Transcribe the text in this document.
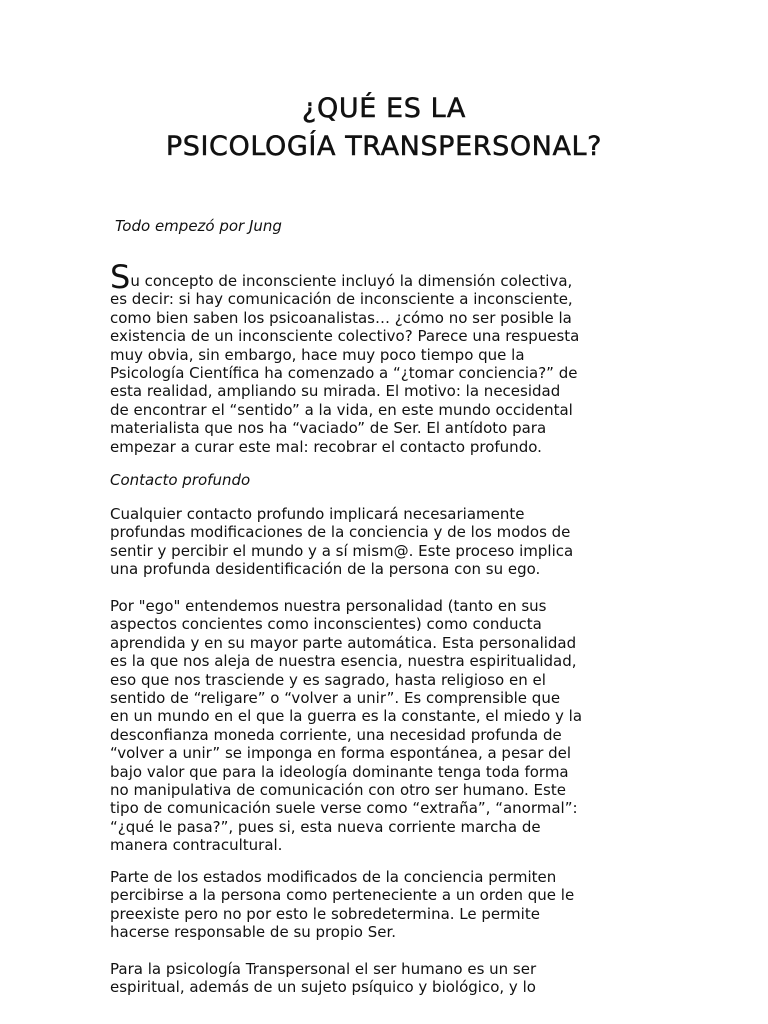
¿QUÉ ES LA
PSICOLOGÍA TRANSPERSONAL?

Todo empezó por Jung

Su concepto de inconsciente incluyó la dimensión colectiva,
es decir: si hay comunicación de inconsciente a inconsciente,
como bien saben los psicoanalistas… ¿cómo no ser posible la
existencia de un inconsciente colectivo? Parece una respuesta
muy obvia, sin embargo, hace muy poco tiempo que la
Psicología Científica ha comenzado a “¿tomar conciencia?” de
esta realidad, ampliando su mirada. El motivo: la necesidad
de encontrar el “sentido” a la vida, en este mundo occidental
materialista que nos ha “vaciado” de Ser. El antídoto para
empezar a curar este mal: recobrar el contacto profundo.

Contacto profundo

Cualquier contacto profundo implicará necesariamente
profundas modificaciones de la conciencia y de los modos de
sentir y percibir el mundo y a sí mism@. Este proceso implica
una profunda desidentificación de la persona con su ego.
Por "ego" entendemos nuestra personalidad (tanto en sus
aspectos concientes como inconscientes) como conducta
aprendida y en su mayor parte automática. Esta personalidad
es la que nos aleja de nuestra esencia, nuestra espiritualidad,
eso que nos trasciende y es sagrado, hasta religioso en el
sentido de “religare” o “volver a unir”. Es comprensible que
en un mundo en el que la guerra es la constante, el miedo y la
desconfianza moneda corriente, una necesidad profunda de
“volver a unir” se imponga en forma espontánea, a pesar del
bajo valor que para la ideología dominante tenga toda forma
no manipulativa de comunicación con otro ser humano. Este
tipo de comunicación suele verse como “extraña”, “anormal”:
“¿qué le pasa?”, pues si, esta nueva corriente marcha de
manera contracultural.
Parte de los estados modificados de la conciencia permiten
percibirse a la persona como perteneciente a un orden que le
preexiste pero no por esto le sobredetermina. Le permite
hacerse responsable de su propio Ser.
Para la psicología Transpersonal el ser humano es un ser
espiritual, además de un sujeto psíquico y biológico, y lo
